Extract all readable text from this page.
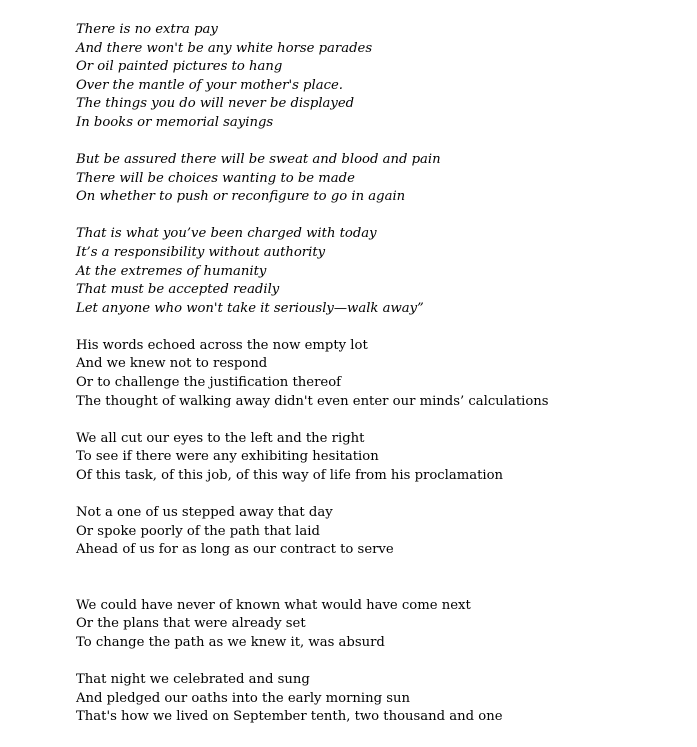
There is no extra pay
And there won't be any white horse parades
Or oil painted pictures to hang
Over the mantle of your mother's place.
The things you do will never be displayed
In books or memorial sayings
But be assured there will be sweat and blood and pain
There will be choices wanting to be made
On whether to push or reconfigure to go in again
That is what you’ve been charged with today
It’s a responsibility without authority
At the extremes of humanity
That must be accepted readily
Let anyone who won't take it seriously—walk away”
His words echoed across the now empty lot
And we knew not to respond
Or to challenge the justification thereof
The thought of walking away didn't even enter our minds’ calculations
We all cut our eyes to the left and the right
To see if there were any exhibiting hesitation
Of this task, of this job, of this way of life from his proclamation
Not a one of us stepped away that day
Or spoke poorly of the path that laid
Ahead of us for as long as our contract to serve
We could have never of known what would have come next
Or the plans that were already set
To change the path as we knew it, was absurd
That night we celebrated and sung
And pledged our oaths into the early morning sun
That's how we lived on September tenth, two thousand and one
